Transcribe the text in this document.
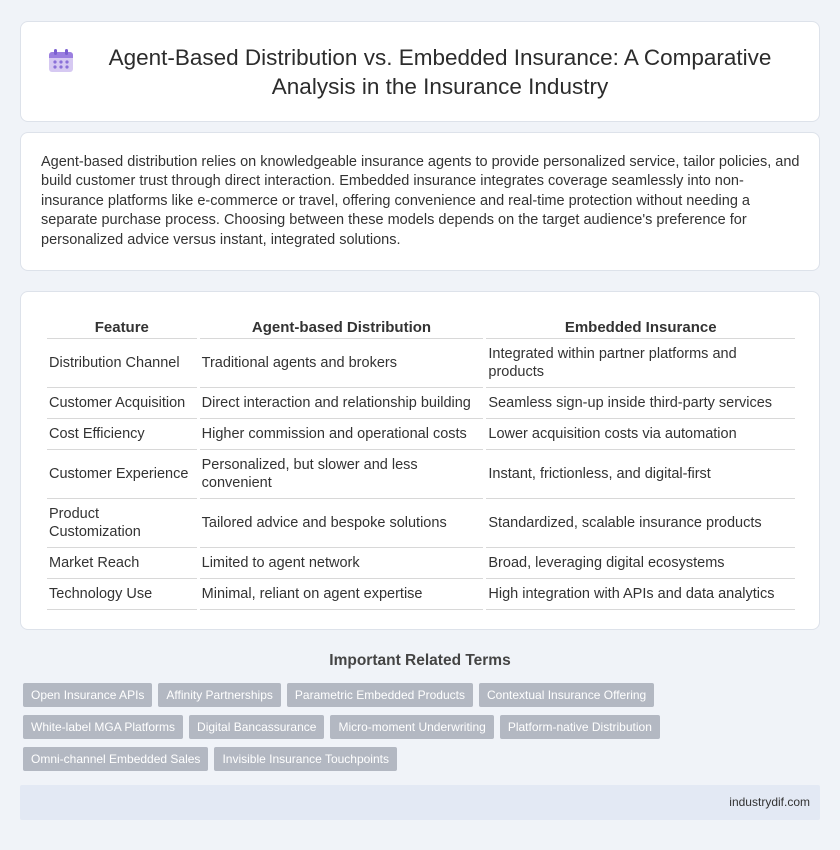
Agent-Based Distribution vs. Embedded Insurance: A Comparative Analysis in the Insurance Industry

Agent-based distribution relies on knowledgeable insurance agents to provide personalized service, tailor policies, and build customer trust through direct interaction. Embedded insurance integrates coverage seamlessly into non-insurance platforms like e-commerce or travel, offering convenience and real-time protection without needing a separate purchase process. Choosing between these models depends on the target audience's preference for personalized advice versus instant, integrated solutions.

Feature	Agent-based Distribution	Embedded Insurance
Distribution Channel	Traditional agents and brokers	Integrated within partner platforms and products
Customer Acquisition	Direct interaction and relationship building	Seamless sign-up inside third-party services
Cost Efficiency	Higher commission and operational costs	Lower acquisition costs via automation
Customer Experience	Personalized, but slower and less convenient	Instant, frictionless, and digital-first
Product Customization	Tailored advice and bespoke solutions	Standardized, scalable insurance products
Market Reach	Limited to agent network	Broad, leveraging digital ecosystems
Technology Use	Minimal, reliant on agent expertise	High integration with APIs and data analytics
Important Related Terms
Open Insurance APIs	Affinity Partnerships	Parametric Embedded Products	Contextual Insurance Offering
White-label MGA Platforms	Digital Bancassurance	Micro-moment Underwriting	Platform-native Distribution
Omni-channel Embedded Sales	Invisible Insurance Touchpoints
industrydif.com
